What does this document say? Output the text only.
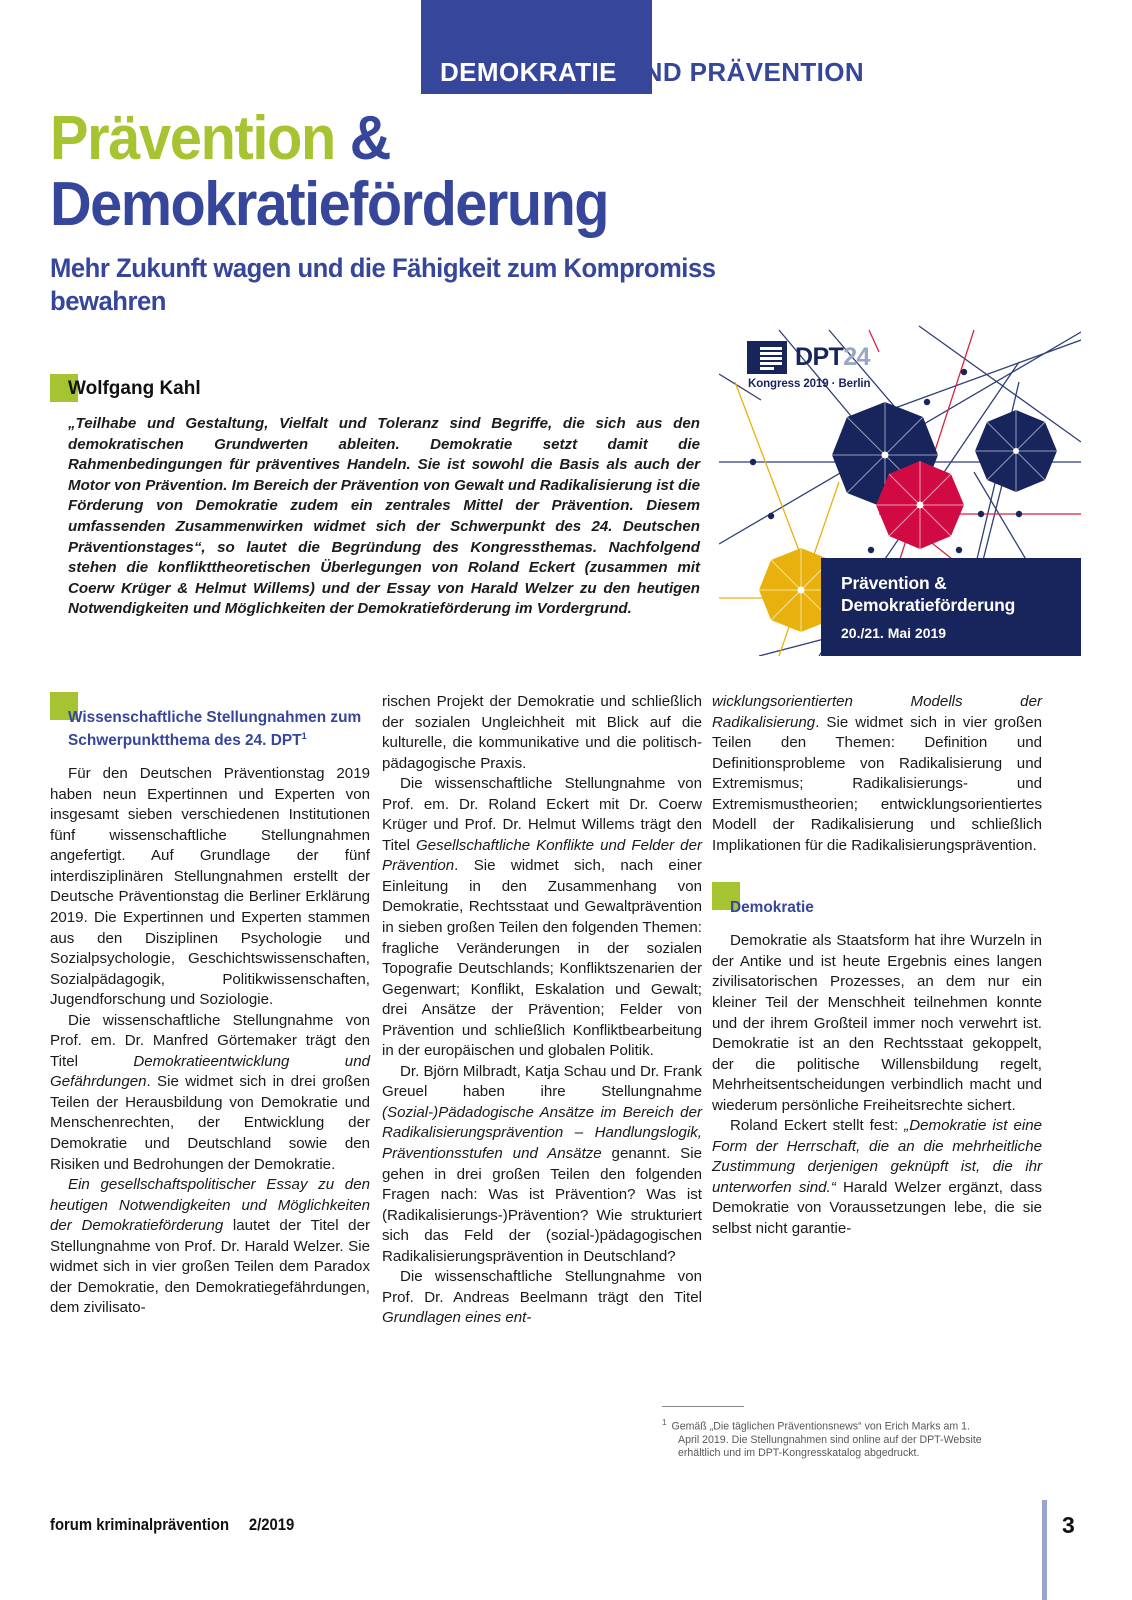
DEMOKRATIE UND PRÄVENTION
Prävention &
Demokratieförderung
Mehr Zukunft wagen und die Fähigkeit zum Kompromiss bewahren
Wolfgang Kahl
„Teilhabe und Gestaltung, Vielfalt und Toleranz sind Begriffe, die sich aus den demokratischen Grundwerten ableiten. Demokratie setzt damit die Rahmenbedingungen für präventives Handeln. Sie ist sowohl die Basis als auch der Motor von Prävention. Im Bereich der Prävention von Gewalt und Radikalisierung ist die Förderung von Demokratie zudem ein zentrales Mittel der Prävention. Diesem umfassenden Zusammenwirken widmet sich der Schwerpunkt des 24. Deutschen Präventionstages“, so lautet die Begründung des Kongressthemas. Nachfolgend stehen die konflikttheoretischen Überlegungen von Roland Eckert (zusammen mit Coerw Krüger & Helmut Willems) und der Essay von Harald Welzer zu den heutigen Notwendigkeiten und Möglichkeiten der Demokratieförderung im Vordergrund.
DPT24
Kongress 2019 · Berlin
Prävention &
Demokratieförderung
20./21. Mai 2019
Wissenschaftliche Stellungnahmen zum Schwerpunktthema des 24. DPT$^1$

Für den Deutschen Präventionstag 2019 haben neun Expertinnen und Experten von insgesamt sieben verschiedenen Institutionen fünf wissenschaftliche Stellungnahmen angefertigt. Auf Grundlage der fünf interdisziplinären Stellungnahmen erstellt der Deutsche Präventionstag die Berliner Erklärung 2019. Die Expertinnen und Experten stammen aus den Disziplinen Psychologie und Sozialpsychologie, Geschichtswissenschaften, Sozialpädagogik, Politikwissenschaften, Jugendforschung und Soziologie.

Die wissenschaftliche Stellungnahme von Prof. em. Dr. Manfred Görtemaker trägt den Titel Demokratieentwicklung und Gefährdungen. Sie widmet sich in drei großen Teilen der Herausbildung von Demokratie und Menschenrechten, der Entwicklung der Demokratie und Deutschland sowie den Risiken und Bedrohungen der Demokratie.

Ein gesellschaftspolitischer Essay zu den heutigen Notwendigkeiten und Möglichkeiten der Demokratieförderung lautet der Titel der Stellungnahme von Prof. Dr. Harald Welzer. Sie widmet sich in vier großen Teilen dem Paradox der Demokratie, den Demokratiegefährdungen, dem zivilisato-

rischen Projekt der Demokratie und schließlich der sozialen Ungleichheit mit Blick auf die kulturelle, die kommunikative und die politisch-pädagogische Praxis.

Die wissenschaftliche Stellungnahme von Prof. em. Dr. Roland Eckert mit Dr. Coerw Krüger und Prof. Dr. Helmut Willems trägt den Titel Gesellschaftliche Konflikte und Felder der Prävention. Sie widmet sich, nach einer Einleitung in den Zusammenhang von Demokratie, Rechtsstaat und Gewaltprävention in sieben großen Teilen den folgenden Themen: fragliche Veränderungen in der sozialen Topografie Deutschlands; Konfliktszenarien der Gegenwart; Konflikt, Eskalation und Gewalt; drei Ansätze der Prävention; Felder von Prävention und schließlich Konfliktbearbeitung in der europäischen und globalen Politik.

Dr. Björn Milbradt, Katja Schau und Dr. Frank Greuel haben ihre Stellungnahme (Sozial-)Pädadogische Ansätze im Bereich der Radikalisierungsprävention – Handlungslogik, Präventionsstufen und Ansätze genannt. Sie gehen in drei großen Teilen den folgenden Fragen nach: Was ist Prävention? Was ist (Radikalisierungs-)Prävention? Wie strukturiert sich das Feld der (sozial-)pädagogischen Radikalisierungsprävention in Deutschland?

Die wissenschaftliche Stellungnahme von Prof. Dr. Andreas Beelmann trägt den Titel Grundlagen eines ent-

wicklungsorientierten Modells der Radikalisierung. Sie widmet sich in vier großen Teilen den Themen: Definition und Definitionsprobleme von Radikalisierung und Extremismus; Radikalisierungs- und Extremismustheorien; entwicklungsorientiertes Modell der Radikalisierung und schließlich Implikationen für die Radikalisierungsprävention.

Demokratie

Demokratie als Staatsform hat ihre Wurzeln in der Antike und ist heute Ergebnis eines langen zivilisatorischen Prozesses, an dem nur ein kleiner Teil der Menschheit teilnehmen konnte und der ihrem Großteil immer noch verwehrt ist. Demokratie ist an den Rechtsstaat gekoppelt, der die politische Willensbildung regelt, Mehrheitsentscheidungen verbindlich macht und wiederum persönliche Freiheitsrechte sichert.

Roland Eckert stellt fest: „Demokratie ist eine Form der Herrschaft, die an die mehrheitliche Zustimmung derjenigen geknüpft ist, die ihr unterworfen sind.“ Harald Welzer ergänzt, dass Demokratie von Voraussetzungen lebe, die sie selbst nicht garantie-

$^1$ Gemäß „Die täglichen Präventionsnews“ von Erich Marks am 1. April 2019. Die Stellungnahmen sind online auf der DPT-Website erhältlich und im DPT-Kongresskatalog abgedruckt.
forum kriminalprävention 2/2019	3
